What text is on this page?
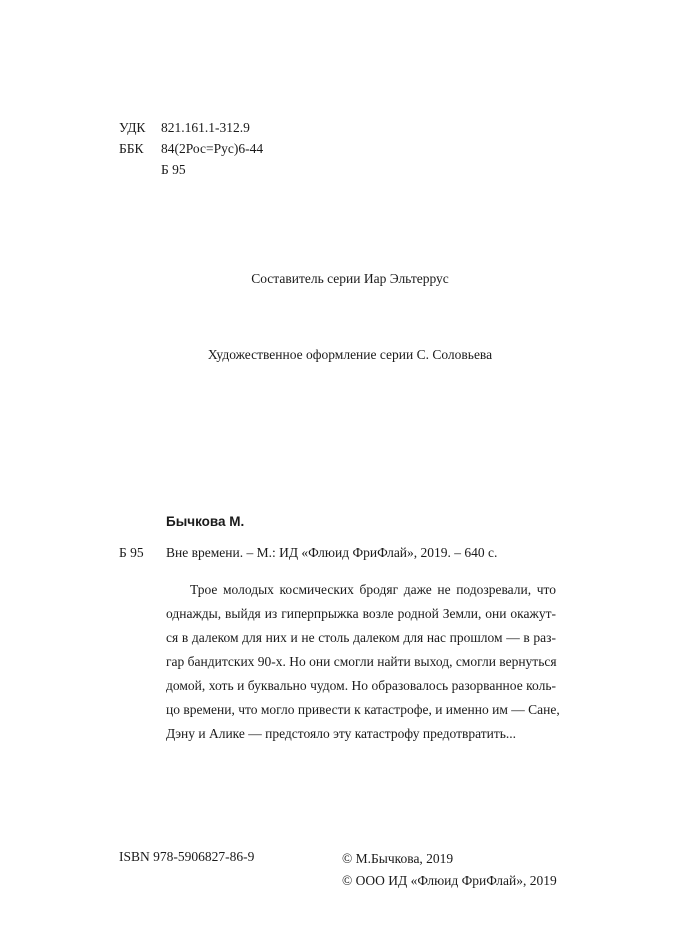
УДК	821.161.1-312.9
ББК	84(2Рос=Рус)6-44
Б 95
Составитель серии Иар Эльтеррус
Художественное оформление серии С. Соловьева
Бычкова М.
Б 95 Вне времени. – М.: ИД «Флюид ФриФлай», 2019. – 640 с.
Трое молодых космических бродяг даже не подозревали, что
однажды, выйдя из гиперпрыжка возле родной Земли, они окажут-
ся в далеком для них и не столь далеком для нас прошлом — в раз-
гар бандитских 90-х. Но они смогли найти выход, смогли вернуться
домой, хоть и буквально чудом. Но образовалось разорванное коль-
цо времени, что могло привести к катастрофе, и именно им — Сане,
Дэну и Алике — предстояло эту катастрофу предотвратить...
ISBN 978-5906827-86-9	© М.Бычкова, 2019
© ООО ИД «Флюид ФриФлай», 2019
